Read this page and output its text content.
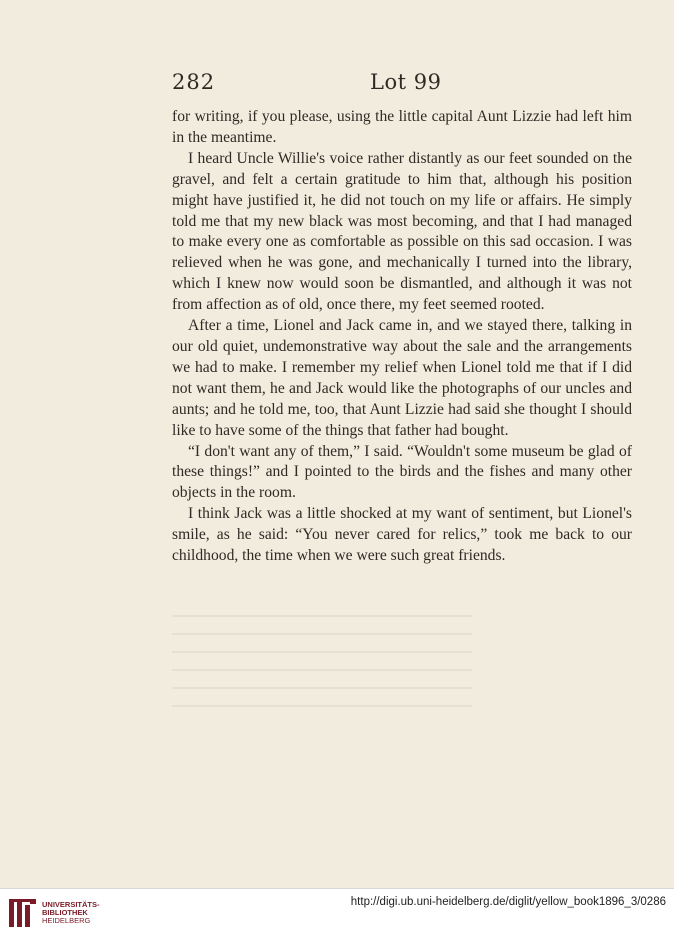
282	Lot 99

for writing, if you please, using the little capital Aunt Lizzie had left him in the meantime.

I heard Uncle Willie's voice rather distantly as our feet sounded on the gravel, and felt a certain gratitude to him that, although his position might have justified it, he did not touch on my life or affairs. He simply told me that my new black was most becoming, and that I had managed to make every one as comfortable as possible on this sad occasion. I was relieved when he was gone, and mechanically I turned into the library, which I knew now would soon be dismantled, and although it was not from affection as of old, once there, my feet seemed rooted.

After a time, Lionel and Jack came in, and we stayed there, talking in our old quiet, undemonstrative way about the sale and the arrangements we had to make. I remember my relief when Lionel told me that if I did not want them, he and Jack would like the photographs of our uncles and aunts; and he told me, too, that Aunt Lizzie had said she thought I should like to have some of the things that father had bought.

“I don't want any of them,” I said. “Wouldn't some museum be glad of these things!” and I pointed to the birds and the fishes and many other objects in the room.

I think Jack was a little shocked at my want of sentiment, but Lionel's smile, as he said: “You never cared for relics,” took me back to our childhood, the time when we were such great friends.

UNIVERSITÄTS-
BIBLIOTHEK
HEIDELBERG
http://digi.ub.uni-heidelberg.de/diglit/yellow_book1896_3/0286
